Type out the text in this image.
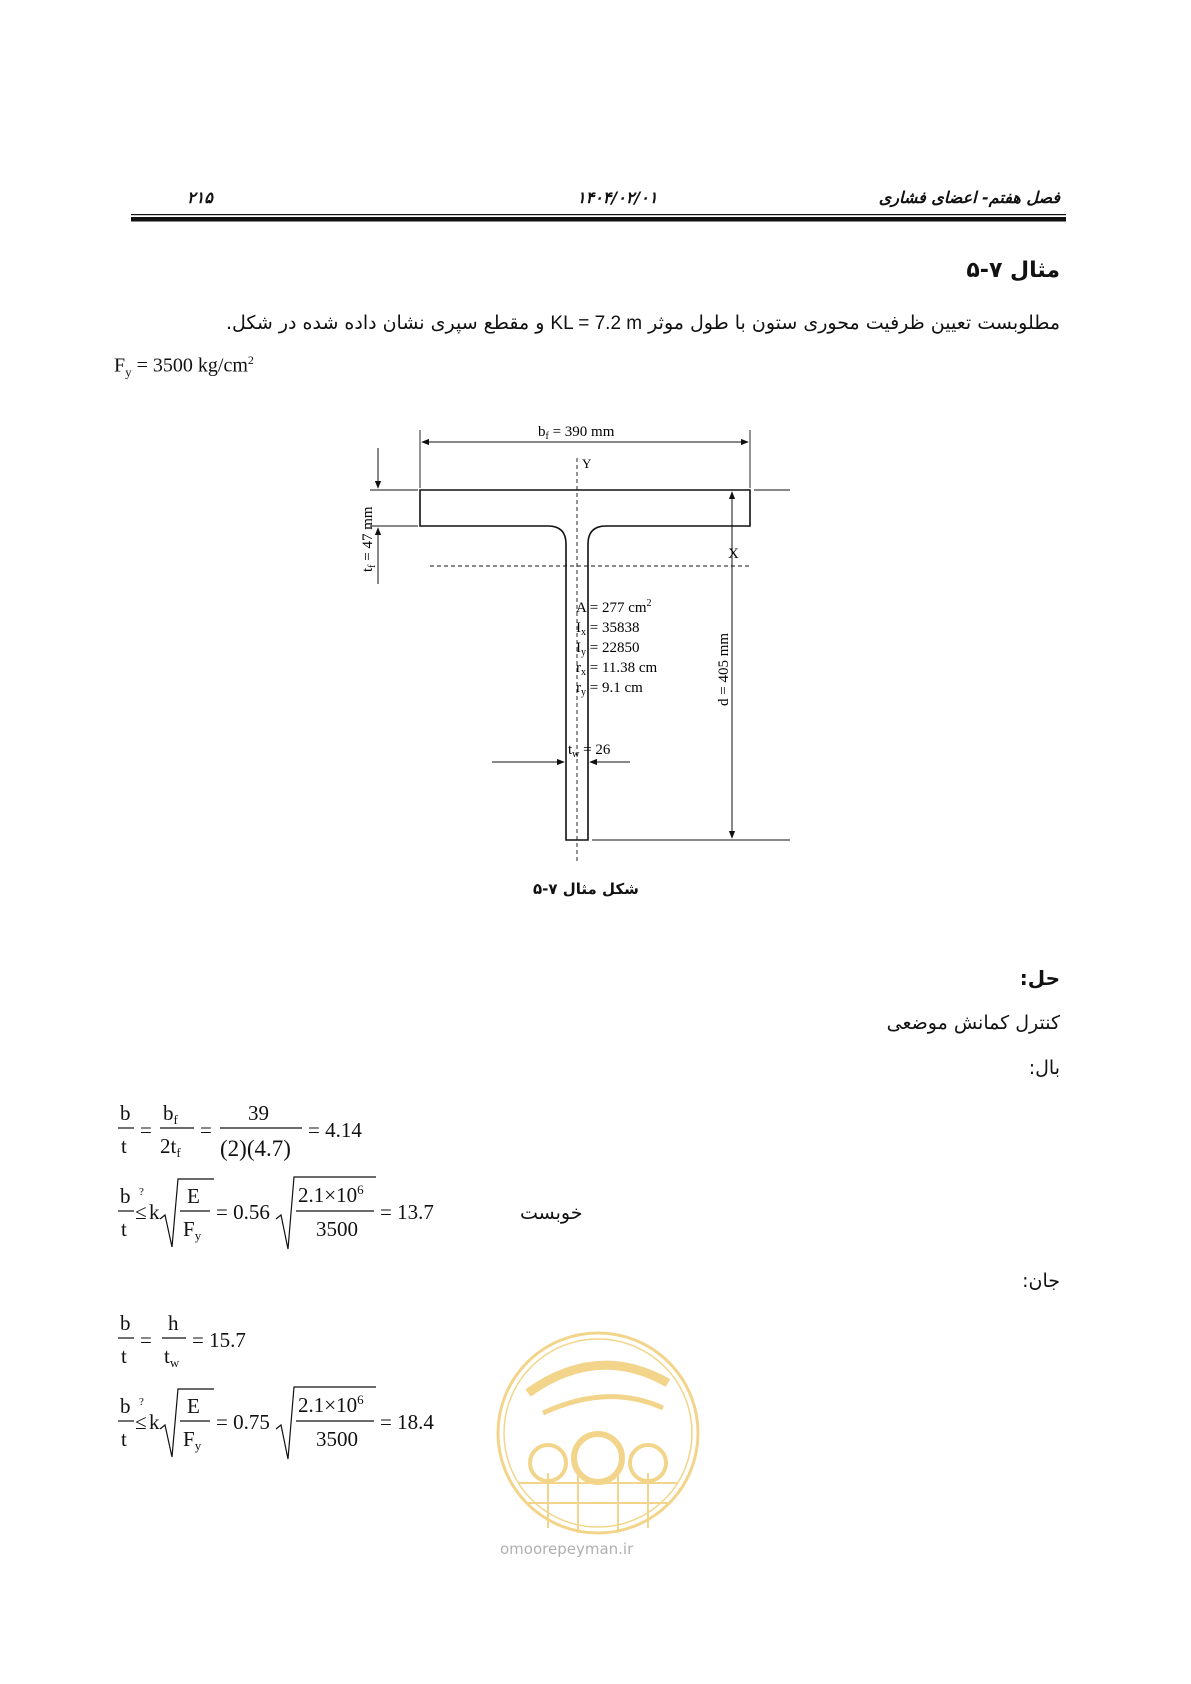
فصل هفتم- اعضای فشاری
۱۴۰۴/۰۲/۰۱
۲۱۵
مثال ۷-۵
مطلوبست تعیین ظرفیت محوری ستون با طول موثر KL = 7.2 m و مقطع سپری نشان داده شده در شکل.
$F_y = 3500$ $kg/cm^2$
Y
X
$b_f = 390$ mm
$t_f = 47$ mm
d = 405 mm
$t_w = 26$
A = 277 $cm^2$
$I_x = 35838$
$I_y = 22850$
$r_x = 11.38$ cm
$r_y = 9.1$ cm
شکل مثال ۷-۵
حل:
کنترل کمانش موضعی
بال:
خوبست
جان:
b
t
=
bf
2tf
=
39
(2)(4.7)
= 4.14
b ?
t
≤ k
E
Fy
= 0.56
$2.1\times 10^6$
3500
= 13.7
b
t
=
h
tw
= 15.7
b ?
t
≤ k
E
Fy
= 0.75
$2.1\times 10^6$
3500
= 18.4
omoorepeyman.ir
